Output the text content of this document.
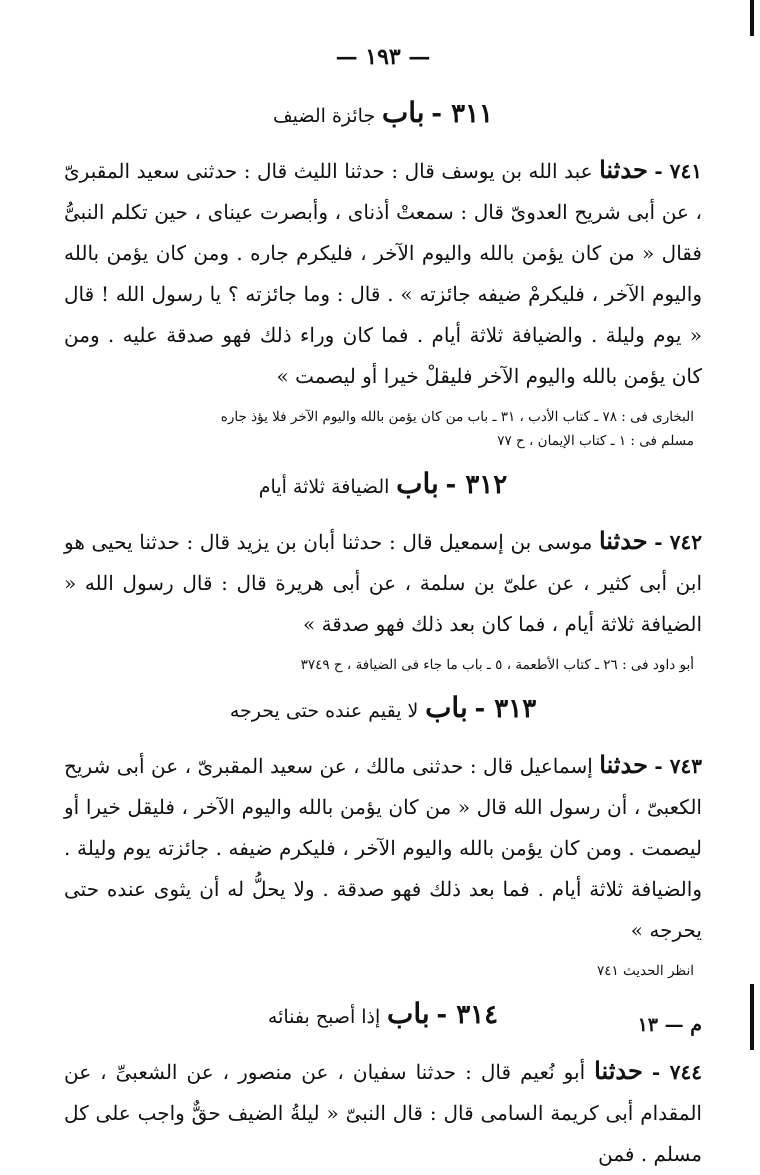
— ١٩٣ —
٣١١ - باب جائزة الضيف

٧٤١ - حدثنا عبد الله بن يوسف قال : حدثنا الليث قال : حدثنى سعيد المقبرىّ ، عن أبى شريح العدوىّ قال : سمعتْ أذناى ، وأبصرت عيناى ، حين تكلم النبىُّ فقال « من كان يؤمن بالله واليوم الآخر ، فليكرم جاره . ومن كان يؤمن بالله واليوم الآخر ، فليكرمْ ضيفه جائزته » . قال : وما جائزته ؟ يا رسول الله ! قال « يوم وليلة . والضيافة ثلاثة أيام . فما كان وراء ذلك فهو صدقة عليه . ومن كان يؤمن بالله واليوم الآخر فليقلْ خيرا أو ليصمت »

البخارى فى : ٧٨ ـ كتاب الأدب ، ٣١ ـ باب من كان يؤمن بالله واليوم الآخر فلا يؤذ جاره
مسلم فى : ١ ـ كتاب الإيمان ، ح ٧٧
٣١٢ - باب الضيافة ثلاثة أيام

٧٤٢ - حدثنا موسى بن إسمعيل قال : حدثنا أبان بن يزيد قال : حدثنا يحيى هو ابن أبى كثير ، عن علىّ بن سلمة ، عن أبى هريرة قال : قال رسول الله « الضيافة ثلاثة أيام ، فما كان بعد ذلك فهو صدقة »

أبو داود فى : ٢٦ ـ كتاب الأطعمة ، ٥ ـ باب ما جاء فى الضيافة ، ح ٣٧٤٩
٣١٣ - باب لا يقيم عنده حتى يحرجه

٧٤٣ - حدثنا إسماعيل قال : حدثنى مالك ، عن سعيد المقبرىّ ، عن أبى شريح الكعبىّ ، أن رسول الله قال « من كان يؤمن بالله واليوم الآخر ، فليقل خيرا أو ليصمت . ومن كان يؤمن بالله واليوم الآخر ، فليكرم ضيفه . جائزته يوم وليلة . والضيافة ثلاثة أيام . فما بعد ذلك فهو صدقة . ولا يحلُّ له أن يثوى عنده حتى يحرجه »

انظر الحديث ٧٤١
٣١٤ - باب إذا أصبح بفنائه

٧٤٤ - حدثنا أبو نُعيم قال : حدثنا سفيان ، عن منصور ، عن الشعبىِّ ، عن المقدام أبى كريمة السامى قال : قال النبىّ « ليلةُ الضيف حقٌّ واجب على كل مسلم . فمن

م — ١٣
